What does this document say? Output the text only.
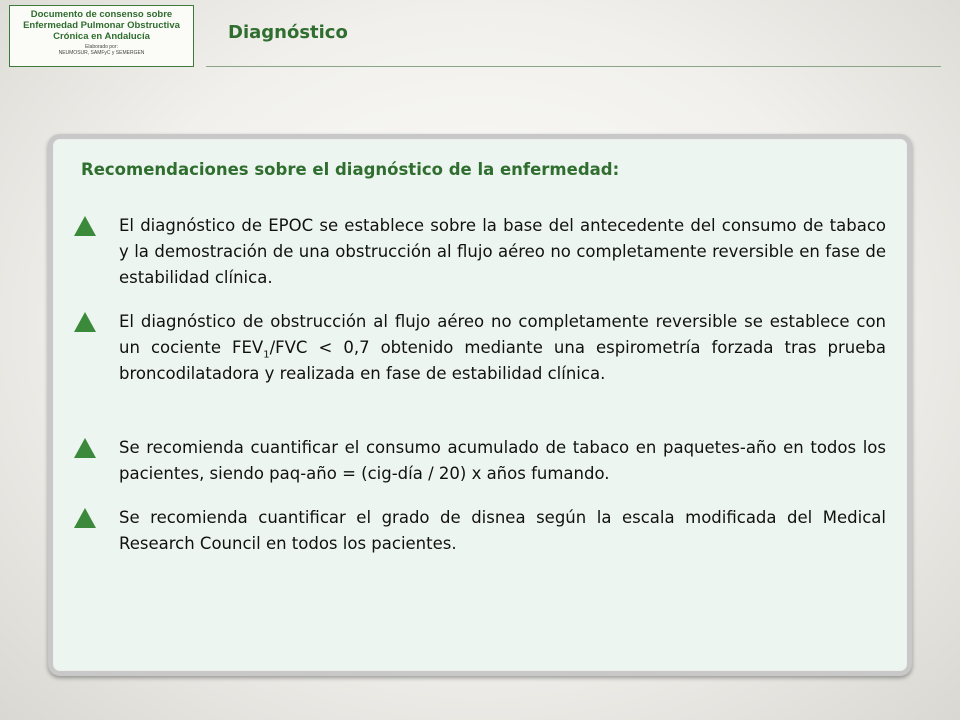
Documento de consenso sobre
Enfermedad Pulmonar Obstructiva
Crónica en Andalucía
Elaborado por:
NEUMOSUR, SAMFyC y SEMERGEN
Diagnóstico
Recomendaciones sobre el diagnóstico de la enfermedad:
El diagnóstico de EPOC se establece sobre la base del antecedente del consumo de tabaco y la demostración de una obstrucción al flujo aéreo no completamente reversible en fase de estabilidad clínica.
El diagnóstico de obstrucción al flujo aéreo no completamente reversible se establece con un cociente $FEV_1$/FVC < 0,7 obtenido mediante una espirometría forzada tras prueba broncodilatadora y realizada en fase de estabilidad clínica.
Se recomienda cuantificar el consumo acumulado de tabaco en paquetes-año en todos los pacientes, siendo paq-año = (cig-día / 20) x años fumando.
Se recomienda cuantificar el grado de disnea según la escala modificada del Medical Research Council en todos los pacientes.
